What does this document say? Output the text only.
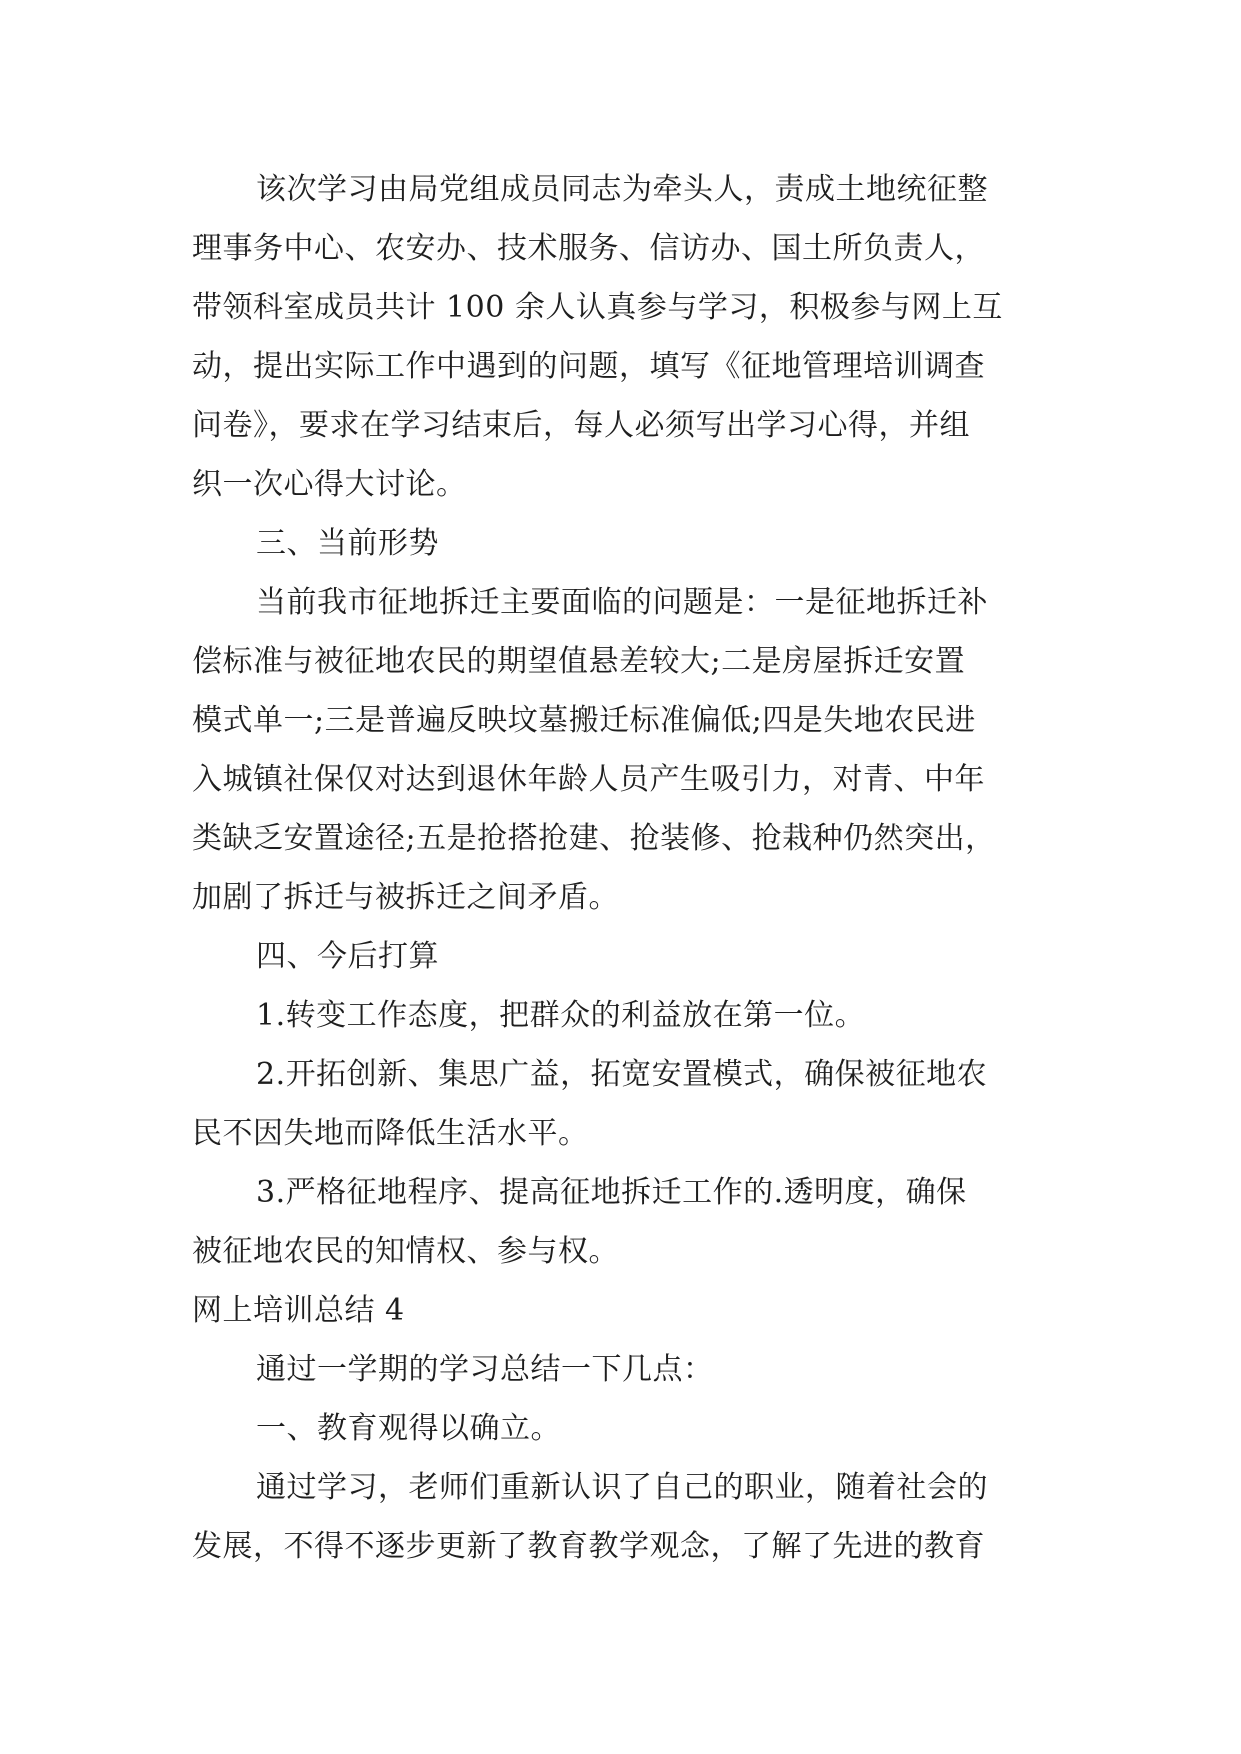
该次学习由局党组成员同志为牵头人，责成土地统征整
理事务中心、农安办、技术服务、信访办、国土所负责人，
带领科室成员共计 100 余人认真参与学习，积极参与网上互
动，提出实际工作中遇到的问题，填写《征地管理培训调查
问卷》，要求在学习结束后，每人必须写出学习心得，并组
织一次心得大讨论。
三、当前形势
当前我市征地拆迁主要面临的问题是：一是征地拆迁补
偿标准与被征地农民的期望值悬差较大;二是房屋拆迁安置
模式单一;三是普遍反映坟墓搬迁标准偏低;四是失地农民进
入城镇社保仅对达到退休年龄人员产生吸引力，对青、中年
类缺乏安置途径;五是抢搭抢建、抢装修、抢栽种仍然突出，
加剧了拆迁与被拆迁之间矛盾。
四、今后打算
1.转变工作态度，把群众的利益放在第一位。
2.开拓创新、集思广益，拓宽安置模式，确保被征地农
民不因失地而降低生活水平。
3.严格征地程序、提高征地拆迁工作的.透明度，确保
被征地农民的知情权、参与权。
网上培训总结 4
通过一学期的学习总结一下几点：
一、教育观得以确立。
通过学习，老师们重新认识了自己的职业，随着社会的
发展，不得不逐步更新了教育教学观念，了解了先进的教育
